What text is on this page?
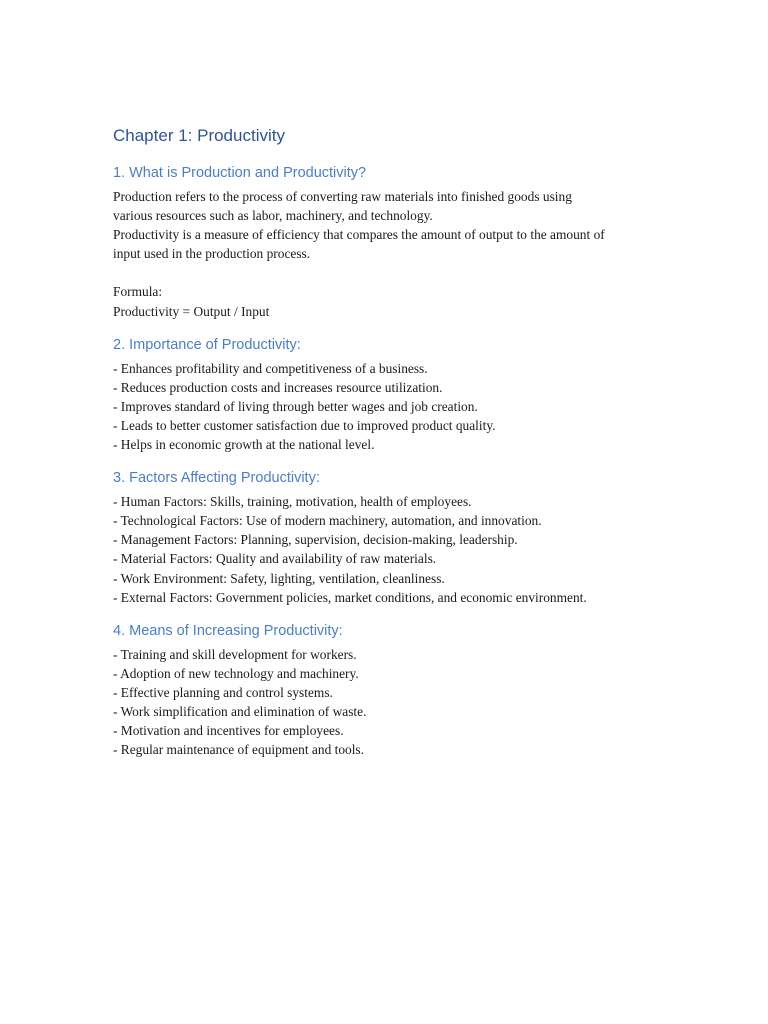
Chapter 1: Productivity
1. What is Production and Productivity?

Production refers to the process of converting raw materials into finished goods using

various resources such as labor, machinery, and technology.

Productivity is a measure of efficiency that compares the amount of output to the amount of

input used in the production process.

Formula:

Productivity = Output / Input

2. Importance of Productivity:
- Enhances profitability and competitiveness of a business.
- Reduces production costs and increases resource utilization.
- Improves standard of living through better wages and job creation.
- Leads to better customer satisfaction due to improved product quality.
- Helps in economic growth at the national level.
3. Factors Affecting Productivity:
- Human Factors: Skills, training, motivation, health of employees.
- Technological Factors: Use of modern machinery, automation, and innovation.
- Management Factors: Planning, supervision, decision-making, leadership.
- Material Factors: Quality and availability of raw materials.
- Work Environment: Safety, lighting, ventilation, cleanliness.
- External Factors: Government policies, market conditions, and economic environment.
4. Means of Increasing Productivity:
- Training and skill development for workers.
- Adoption of new technology and machinery.
- Effective planning and control systems.
- Work simplification and elimination of waste.
- Motivation and incentives for employees.
- Regular maintenance of equipment and tools.
